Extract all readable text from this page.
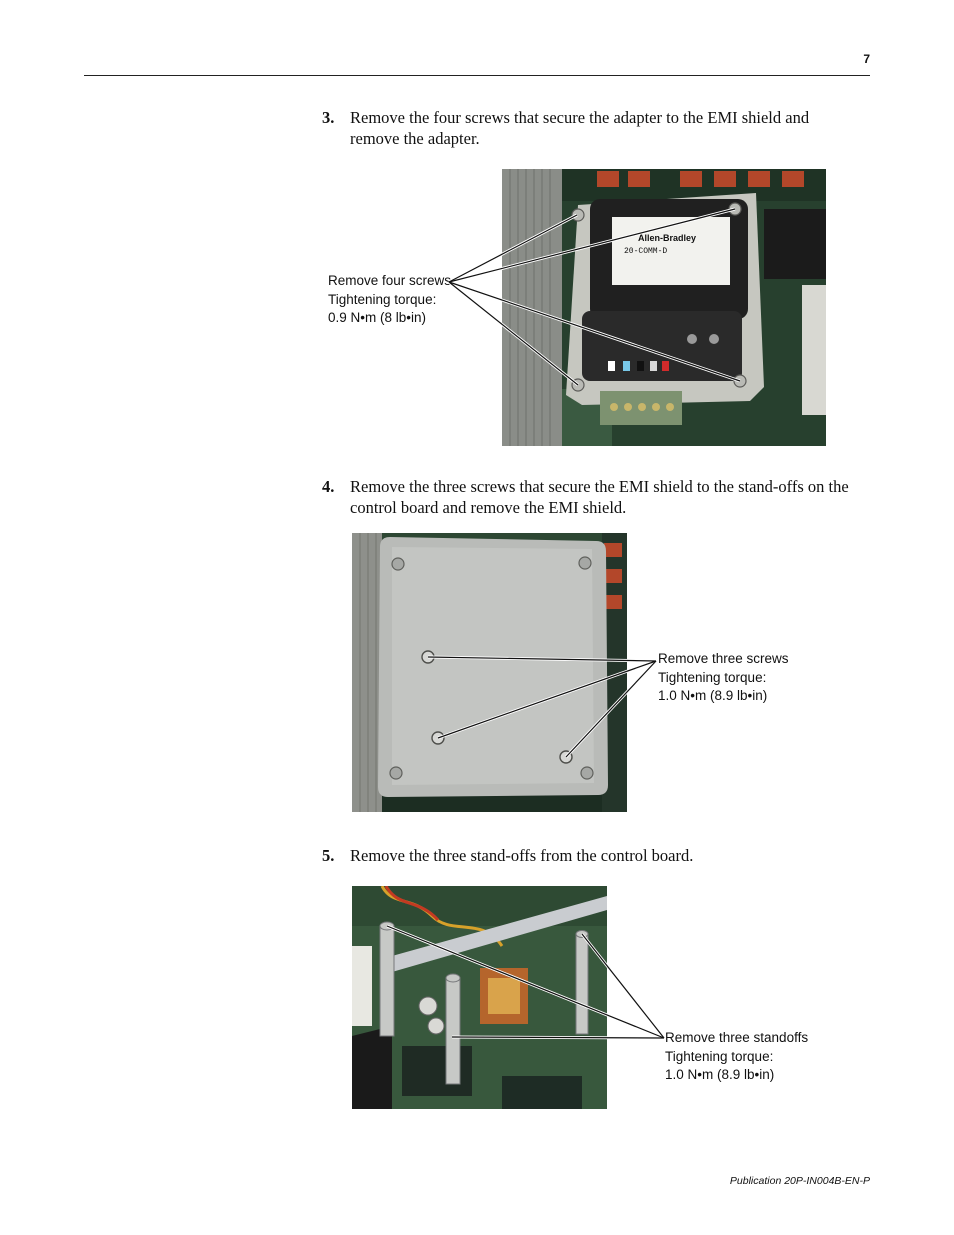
7
3. Remove the four screws that secure the adapter to the EMI shield and
remove the adapter.
Allen-Bradley
20-COMM-D
Remove four screws
Tightening torque:
0.9 N•m (8 lb•in)
4. Remove the three screws that secure the EMI shield to the stand-offs on the
control board and remove the EMI shield.
Remove three screws
Tightening torque:
1.0 N•m (8.9 lb•in)
5. Remove the three stand-offs from the control board.
Remove three standoffs
Tightening torque:
1.0 N•m (8.9 lb•in)
Publication 20P-IN004B-EN-P
